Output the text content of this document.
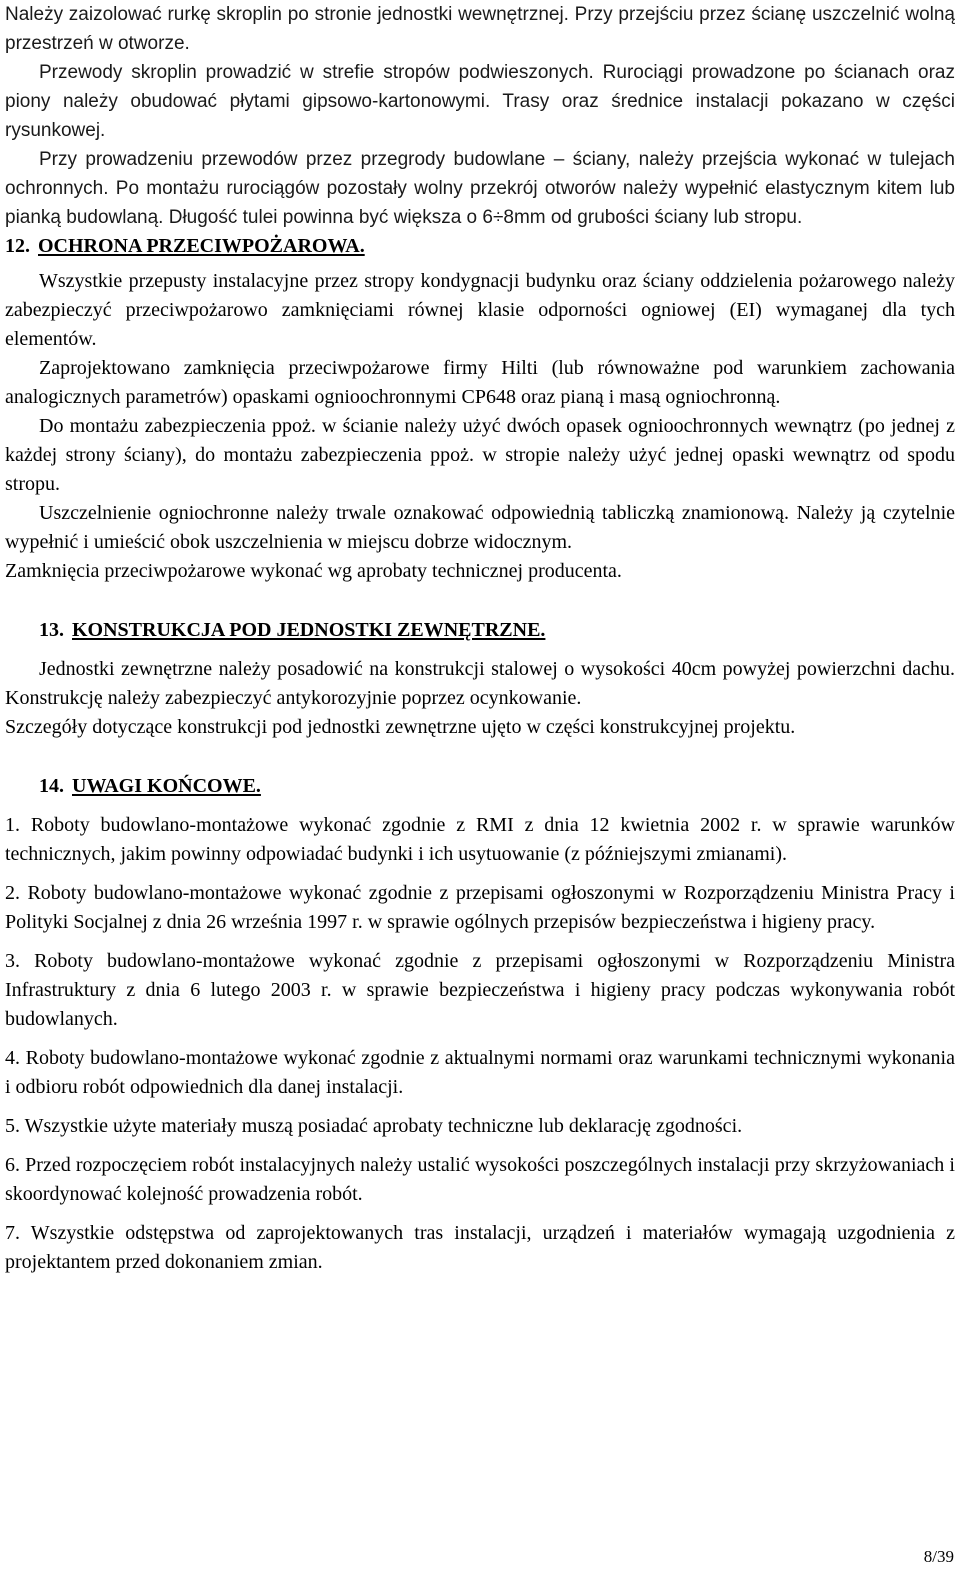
Należy zaizolować rurkę skroplin po stronie jednostki wewnętrznej. Przy przejściu przez ścianę uszczelnić wolną przestrzeń w otworze.

Przewody skroplin prowadzić w strefie stropów podwieszonych. Rurociągi prowadzone po ścianach oraz piony należy obudować płytami gipsowo-kartonowymi. Trasy oraz średnice instalacji pokazano w części rysunkowej.

Przy prowadzeniu przewodów przez przegrody budowlane – ściany, należy przejścia wykonać w tulejach ochronnych. Po montażu rurociągów pozostały wolny przekrój otworów należy wypełnić elastycznym kitem lub pianką budowlaną. Długość tulei powinna być większa o 6÷8mm od grubości ściany lub stropu.

12. OCHRONA PRZECIWPOŻAROWA.

Wszystkie przepusty instalacyjne przez stropy kondygnacji budynku oraz ściany oddzielenia pożarowego należy zabezpieczyć przeciwpożarowo zamknięciami równej klasie odporności ogniowej (EI) wymaganej dla tych elementów.

Zaprojektowano zamknięcia przeciwpożarowe firmy Hilti (lub równoważne pod warunkiem zachowania analogicznych parametrów) opaskami ognioochronnymi CP648 oraz pianą i masą ogniochronną.

Do montażu zabezpieczenia ppoż. w ścianie należy użyć dwóch opasek ognioochronnych wewnątrz (po jednej z każdej strony ściany), do montażu zabezpieczenia ppoż. w stropie należy użyć jednej opaski wewnątrz od spodu stropu.

Uszczelnienie ogniochronne należy trwale oznakować odpowiednią tabliczką znamionową. Należy ją czytelnie wypełnić i umieścić obok uszczelnienia w miejscu dobrze widocznym.

Zamknięcia przeciwpożarowe wykonać wg aprobaty technicznej producenta.

13. KONSTRUKCJA POD JEDNOSTKI ZEWNĘTRZNE.

Jednostki zewnętrzne należy posadowić na konstrukcji stalowej o wysokości 40cm powyżej powierzchni dachu. Konstrukcję należy zabezpieczyć antykorozyjnie poprzez ocynkowanie.

Szczegóły dotyczące konstrukcji pod jednostki zewnętrzne ujęto w części konstrukcyjnej projektu.

14. UWAGI KOŃCOWE.

1. Roboty budowlano-montażowe wykonać zgodnie z RMI z dnia 12 kwietnia 2002 r. w sprawie warunków technicznych, jakim powinny odpowiadać budynki i ich usytuowanie (z późniejszymi zmianami).

2. Roboty budowlano-montażowe wykonać zgodnie z przepisami ogłoszonymi w Rozporządzeniu Ministra Pracy i Polityki Socjalnej z dnia 26 września 1997 r. w sprawie ogólnych przepisów bezpieczeństwa i higieny pracy.

3. Roboty budowlano-montażowe wykonać zgodnie z przepisami ogłoszonymi w Rozporządzeniu Ministra Infrastruktury z dnia 6 lutego 2003 r. w sprawie bezpieczeństwa i higieny pracy podczas wykonywania robót budowlanych.

4. Roboty budowlano-montażowe wykonać zgodnie z aktualnymi normami oraz warunkami technicznymi wykonania i odbioru robót odpowiednich dla danej instalacji.

5. Wszystkie użyte materiały muszą posiadać aprobaty techniczne lub deklarację zgodności.

6. Przed rozpoczęciem robót instalacyjnych należy ustalić wysokości poszczególnych instalacji przy skrzyżowaniach i skoordynować kolejność prowadzenia robót.

7. Wszystkie odstępstwa od zaprojektowanych tras instalacji, urządzeń i materiałów wymagają uzgodnienia z projektantem przed dokonaniem zmian.

8/39
